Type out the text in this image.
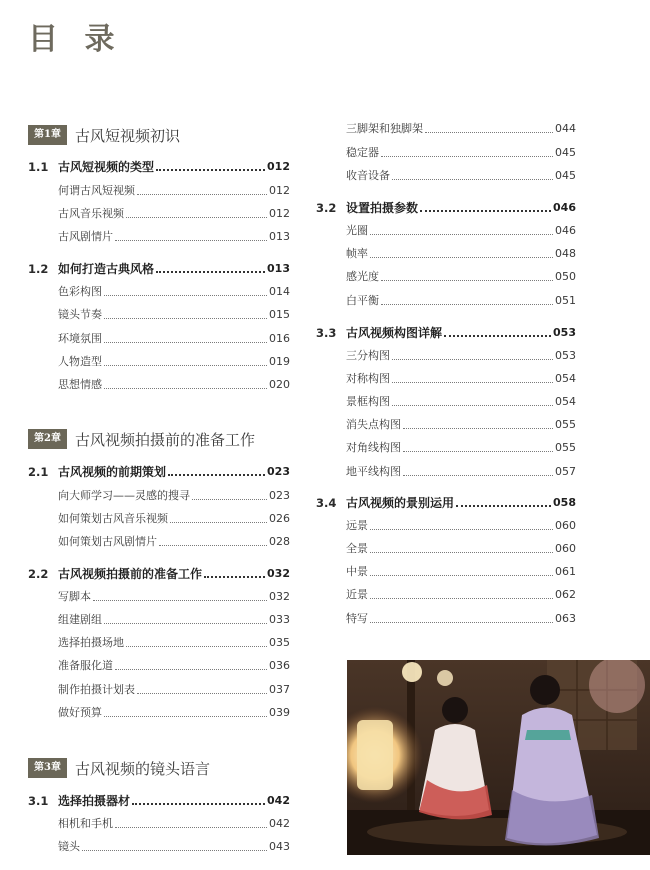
目 录
第1章 古风短视频初识
第2章 古风视频拍摄前的准备工作
第3章 古风视频的镜头语言
1.1 古风短视频的类型	012
何谓古风短视频	012
古风音乐视频	012
古风剧情片	013
1.2 如何打造古典风格	013
色彩构图	014
镜头节奏	015
环境氛围	016
人物造型	019
思想情感	020
2.1 古风视频的前期策划	023
向大师学习——灵感的搜寻	023
如何策划古风音乐视频	026
如何策划古风剧情片	028
2.2 古风视频拍摄前的准备工作	032
写脚本	032
组建剧组	033
选择拍摄场地	035
准备服化道	036
制作拍摄计划表	037
做好预算	039
3.1 选择拍摄器材	042
相机和手机	042
镜头	043
三脚架和独脚架	044
稳定器	045
收音设备	045
3.2 设置拍摄参数	046
光圈	046
帧率	048
感光度	050
白平衡	051
3.3 古风视频构图详解	053
三分构图	053
对称构图	054
景框构图	054
消失点构图	055
对角线构图	055
地平线构图	057
3.4 古风视频的景别运用	058
远景	060
全景	060
中景	061
近景	062
特写	063
